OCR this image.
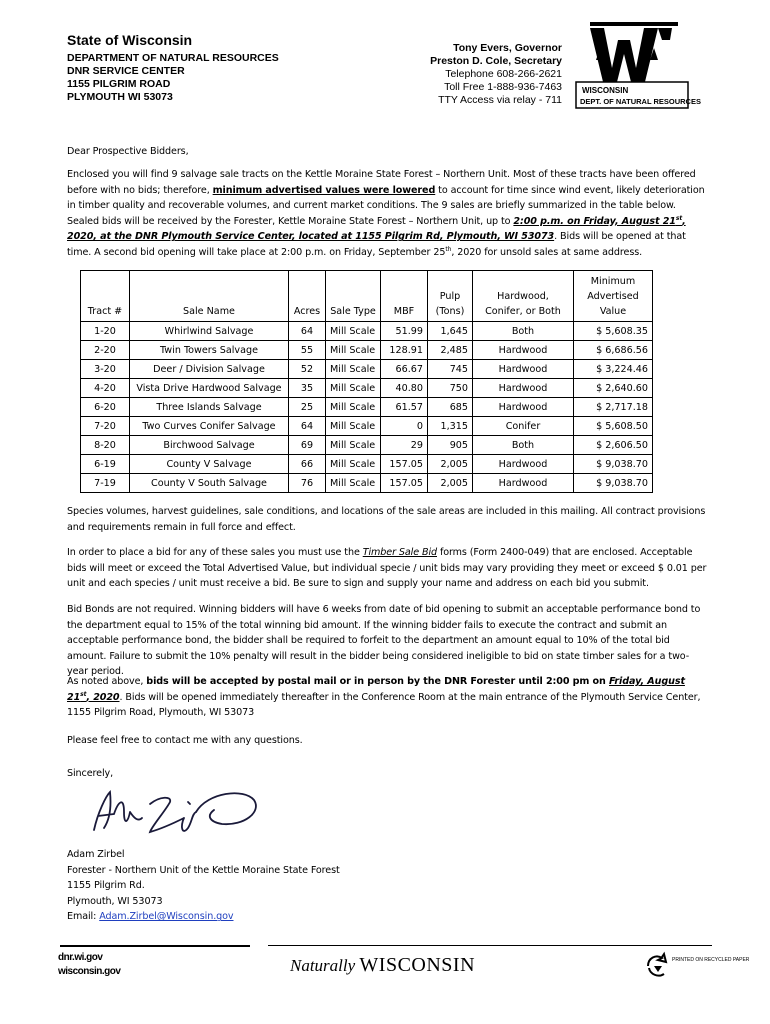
State of Wisconsin
DEPARTMENT OF NATURAL RESOURCES
DNR SERVICE CENTER
1155 PILGRIM ROAD
PLYMOUTH WI 53073
Tony Evers, Governor
Preston D. Cole, Secretary
Telephone 608-266-2621
Toll Free 1-888-936-7463
TTY Access via relay - 711
WISCONSIN
DEPT. OF NATURAL RESOURCES

Dear Prospective Bidders,

Enclosed you will find 9 salvage sale tracts on the Kettle Moraine State Forest – Northern Unit. Most of these tracts have been offered before with no bids; therefore, minimum advertised values were lowered to account for time since wind event, likely deterioration in timber quality and recoverable volumes, and current market conditions. The 9 sales are briefly summarized in the table below. Sealed bids will be received by the Forester, Kettle Moraine State Forest – Northern Unit, up to 2:00 p.m. on Friday, August 21st, 2020, at the DNR Plymouth Service Center, located at 1155 Pilgrim Rd, Plymouth, WI 53073. Bids will be opened at that time. A second bid opening will take place at 2:00 p.m. on Friday, September 25th, 2020 for unsold sales at same address.

Tract #	Sale Name	Acres	Sale Type	MBF	Pulp (Tons)	Hardwood, Conifer, or Both	Minimum Advertised Value
1-20	Whirlwind Salvage	64	Mill Scale	51.99	1,645	Both	$ 5,608.35
2-20	Twin Towers Salvage	55	Mill Scale	128.91	2,485	Hardwood	$ 6,686.56
3-20	Deer / Division Salvage	52	Mill Scale	66.67	745	Hardwood	$ 3,224.46
4-20	Vista Drive Hardwood Salvage	35	Mill Scale	40.80	750	Hardwood	$ 2,640.60
6-20	Three Islands Salvage	25	Mill Scale	61.57	685	Hardwood	$ 2,717.18
7-20	Two Curves Conifer Salvage	64	Mill Scale	0	1,315	Conifer	$ 5,608.50
8-20	Birchwood Salvage	69	Mill Scale	29	905	Both	$ 2,606.50
6-19	County V Salvage	66	Mill Scale	157.05	2,005	Hardwood	$ 9,038.70
7-19	County V South Salvage	76	Mill Scale	157.05	2,005	Hardwood	$ 9,038.70

Species volumes, harvest guidelines, sale conditions, and locations of the sale areas are included in this mailing. All contract provisions and requirements remain in full force and effect.

In order to place a bid for any of these sales you must use the Timber Sale Bid forms (Form 2400-049) that are enclosed. Acceptable bids will meet or exceed the Total Advertised Value, but individual specie / unit bids may vary providing they meet or exceed $ 0.01 per unit and each species / unit must receive a bid. Be sure to sign and supply your name and address on each bid you submit.

Bid Bonds are not required. Winning bidders will have 6 weeks from date of bid opening to submit an acceptable performance bond to the department equal to 15% of the total winning bid amount. If the winning bidder fails to execute the contract and submit an acceptable performance bond, the bidder shall be required to forfeit to the department an amount equal to 10% of the total bid amount. Failure to submit the 10% penalty will result in the bidder being considered ineligible to bid on state timber sales for a two-year period.

As noted above, bids will be accepted by postal mail or in person by the DNR Forester until 2:00 pm on Friday, August 21st, 2020. Bids will be opened immediately thereafter in the Conference Room at the main entrance of the Plymouth Service Center, 1155 Pilgrim Road, Plymouth, WI 53073

Please feel free to contact me with any questions.

Sincerely,

Adam Zirbel
Forester - Northern Unit of the Kettle Moraine State Forest
1155 Pilgrim Rd.
Plymouth, WI 53073
Email: Adam.Zirbel@Wisconsin.gov
dnr.wi.gov
wisconsin.gov	Naturally WISCONSIN	PRINTED ON RECYCLED PAPER
